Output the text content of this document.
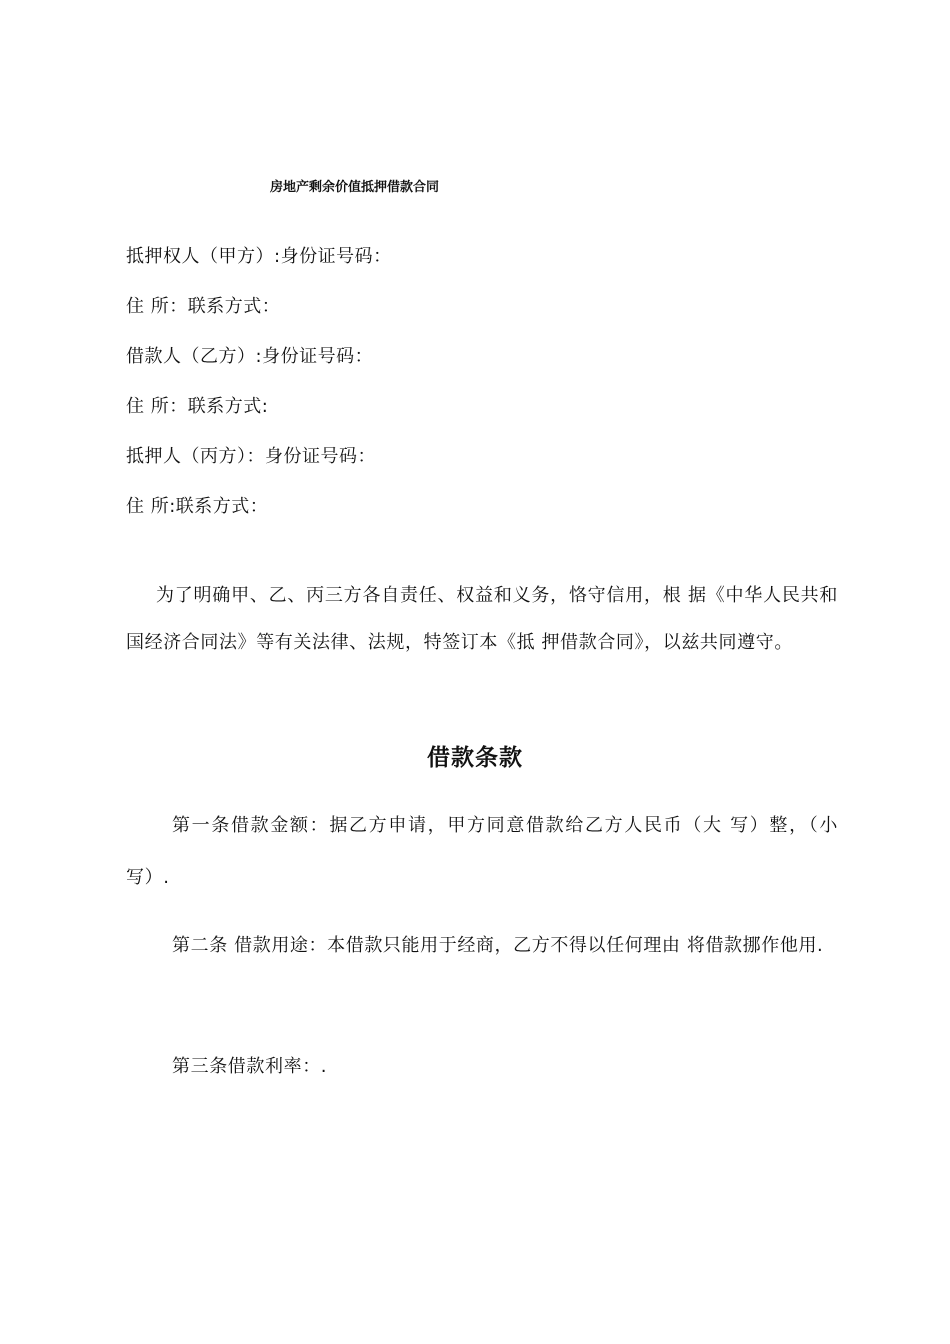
房地产剩余价值抵押借款合同
抵押权人（甲方）:身份证号码：
住 所：联系方式：
借款人（乙方）:身份证号码：
住 所：联系方式:
抵押人（丙方）：身份证号码：
住 所:联系方式：
为了明确甲、乙、丙三方各自责任、权益和义务，恪守信用，根 据《中华人民共和国经济合同法》等有关法律、法规，特签订本《抵 押借款合同》，以兹共同遵守。
借款条款
第一条借款金额：据乙方申请，甲方同意借款给乙方人民币（大 写）整，（小写）.
第二条 借款用途：本借款只能用于经商，乙方不得以任何理由 将借款挪作他用.
第三条借款利率：.
